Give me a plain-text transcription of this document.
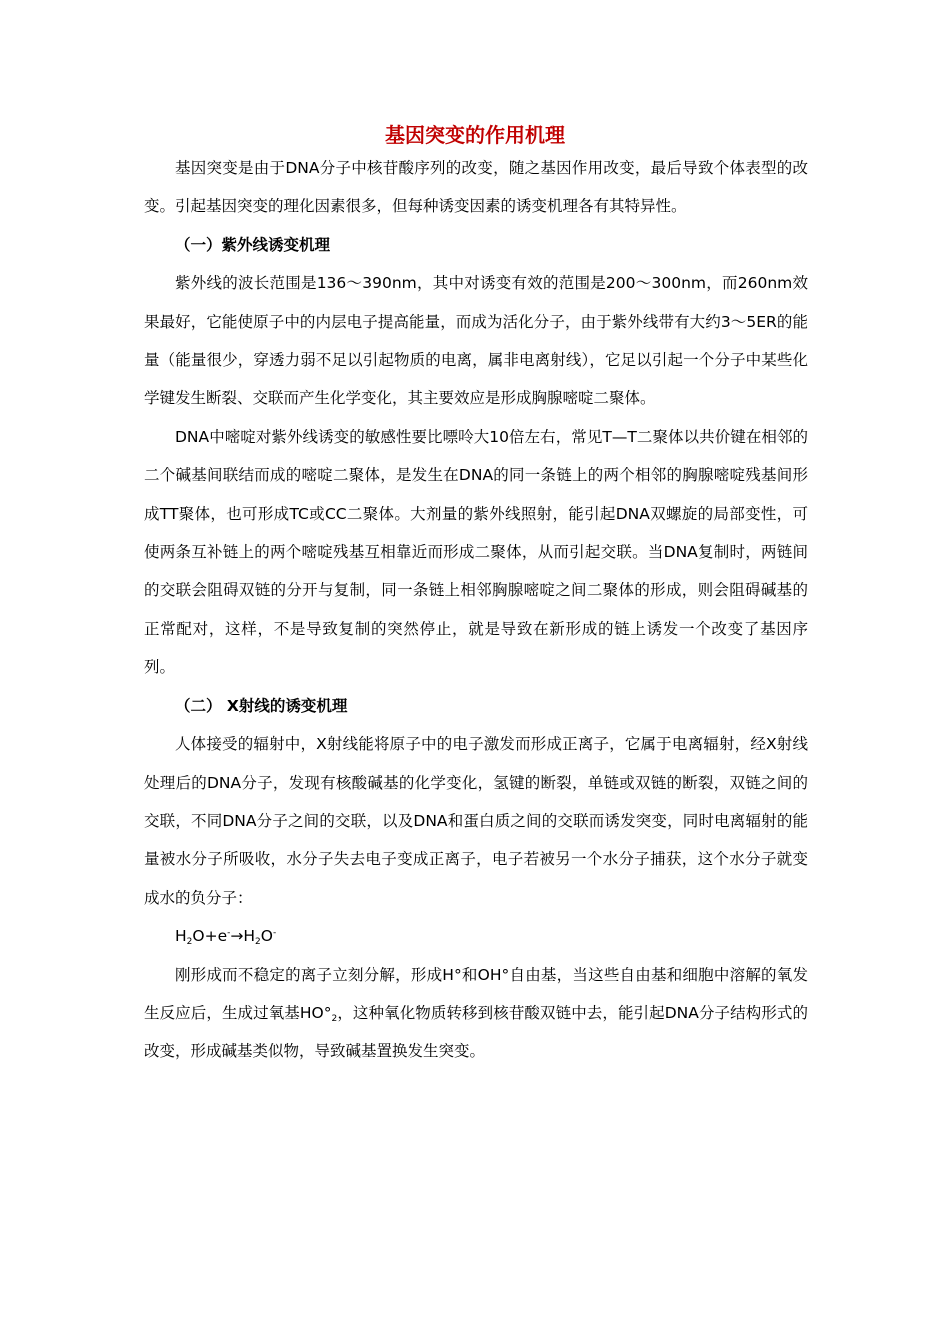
基因突变的作用机理

基因突变是由于DNA分子中核苷酸序列的改变，随之基因作用改变，最后导致个体表型的改变。引起基因突变的理化因素很多，但每种诱变因素的诱变机理各有其特异性。

（一）紫外线诱变机理

紫外线的波长范围是136～390nm，其中对诱变有效的范围是200～300nm，而260nm效果最好，它能使原子中的内层电子提高能量，而成为活化分子，由于紫外线带有大约3～5ER的能量（能量很少，穿透力弱不足以引起物质的电离，属非电离射线），它足以引起一个分子中某些化学键发生断裂、交联而产生化学变化，其主要效应是形成胸腺嘧啶二聚体。

DNA中嘧啶对紫外线诱变的敏感性要比嘌呤大10倍左右，常见T—T二聚体以共价键在相邻的二个碱基间联结而成的嘧啶二聚体，是发生在DNA的同一条链上的两个相邻的胸腺嘧啶残基间形成TT聚体，也可形成TC或CC二聚体。大剂量的紫外线照射，能引起DNA双螺旋的局部变性，可使两条互补链上的两个嘧啶残基互相靠近而形成二聚体，从而引起交联。当DNA复制时，两链间的交联会阻碍双链的分开与复制，同一条链上相邻胸腺嘧啶之间二聚体的形成，则会阻碍碱基的正常配对，这样，不是导致复制的突然停止，就是导致在新形成的链上诱发一个改变了基因序列。

（二） X射线的诱变机理

人体接受的辐射中，X射线能将原子中的电子激发而形成正离子，它属于电离辐射，经X射线处理后的DNA分子，发现有核酸碱基的化学变化，氢键的断裂，单链或双链的断裂，双链之间的交联，不同DNA分子之间的交联，以及DNA和蛋白质之间的交联而诱发突变，同时电离辐射的能量被水分子所吸收，水分子失去电子变成正离子，电子若被另一个水分子捕获，这个水分子就变成水的负分子：

$H_2O+e^-\to H_2O^-$

刚形成而不稳定的离子立刻分解，形成H°和OH°自由基，当这些自由基和细胞中溶解的氧发生反应后，生成过氧基$HO^\circ_2$，这种氧化物质转移到核苷酸双链中去，能引起DNA分子结构形式的改变，形成碱基类似物，导致碱基置换发生突变。
